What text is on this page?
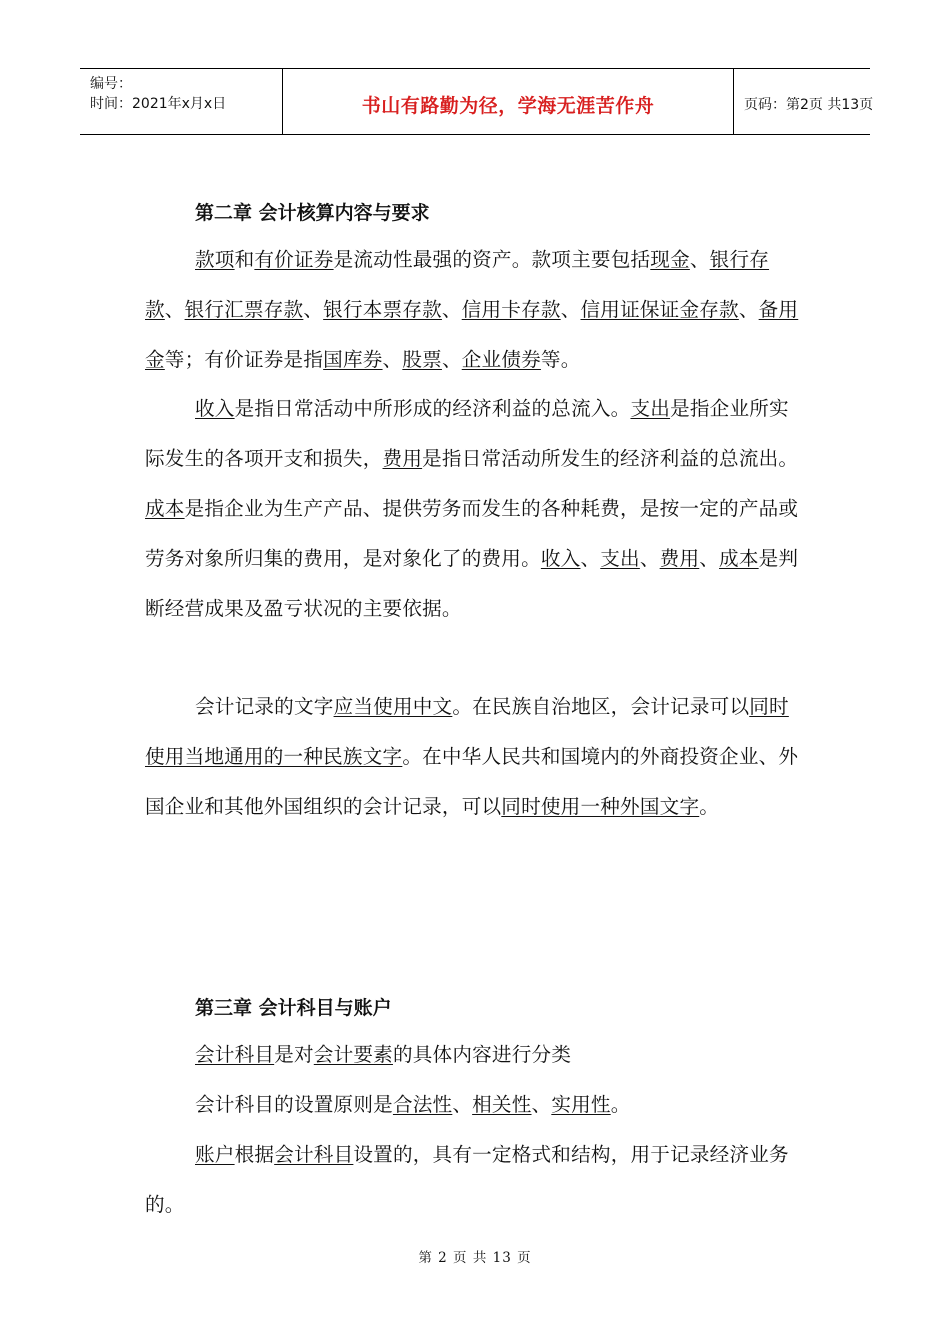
编号：
时间：2021年x月x日	书山有路勤为径，学海无涯苦作舟	页码：第2页 共13页
第二章 会计核算内容与要求

款项和有价证券是流动性最强的资产。款项主要包括现金、银行存款、银行汇票存款、银行本票存款、信用卡存款、信用证保证金存款、备用金等；有价证券是指国库券、股票、企业债券等。

收入是指日常活动中所形成的经济利益的总流入。支出是指企业所实际发生的各项开支和损失，费用是指日常活动所发生的经济利益的总流出。成本是指企业为生产产品、提供劳务而发生的各种耗费，是按一定的产品或劳务对象所归集的费用，是对象化了的费用。收入、支出、费用、成本是判断经营成果及盈亏状况的主要依据。

会计记录的文字应当使用中文。在民族自治地区，会计记录可以同时使用当地通用的一种民族文字。在中华人民共和国境内的外商投资企业、外国企业和其他外国组织的会计记录，可以同时使用一种外国文字。

第三章 会计科目与账户

会计科目是对会计要素的具体内容进行分类

会计科目的设置原则是合法性、相关性、实用性。

账户根据会计科目设置的，具有一定格式和结构，用于记录经济业务的。

第 2 页 共 13 页
